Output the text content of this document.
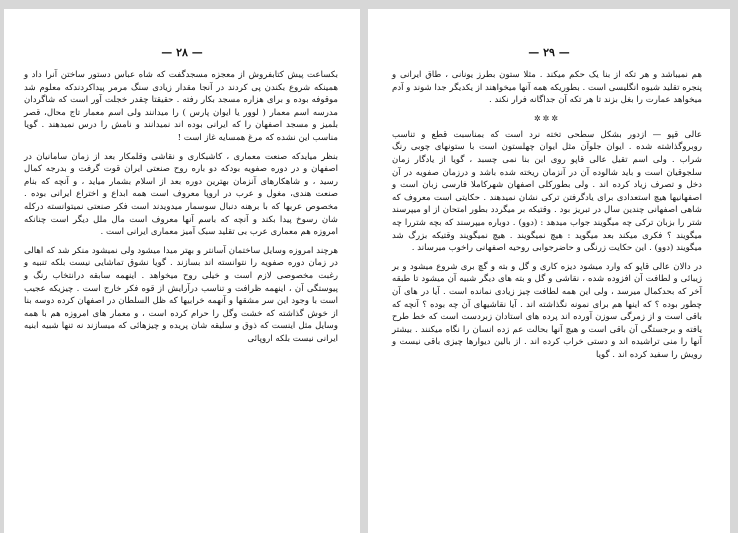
— ۲۸ —

بکساعت پیش کتابفروش از معجزه مسجدگفت که شاه عباس دستور ساختن آنرا داد و همینکه شروع بکندن پی کردند در آنجا مقدار زیادی سنگ مرمر پیداکردندکه معلوم شد موقوفه بوده و برای هزاره مسجد بکار رفته . حقیقتا چقدر خجلت آور است که شاگردان مدرسه اسم معمار ( لوور یا ایوان پارس ) را میدانند ولی اسم معمار تاج محال، قصر بلمیز و مسجد اصفهان را که ایرانی بوده اند نمیدانند و نامش را درس نمیدهند . گویا مناسب این نشده که مرغ همسایه غاز است !

بنظر میایدکه صنعت معماری ، کاشیکاری و نقاشی وقلمکار بعد از زمان سامانیان در اصفهان و در دوره صفویه بودکه دو باره روح صنعتی ایران قوت گرفت و بدرجه کمال رسید ، و شاهکارهای آنزمان بهترین دوره بعد از اسلام بشمار میاید ، و آنچه که بنام صنعت هندی، مغول و عرب در اروپا معروف است همه ابداع و اختراع ایرانی بوده . مخصوص عربها که با برهنه دنبال سوسمار میدویدند است فکر صنعتی نمیتوانسته درکله شان رسوخ پیدا بکند و آنچه که باسم آنها معروف است مال ملل دیگر است چنانکه امروزه هم معماری عرب بی تقلید سبک آمیز معماری ایرانی است .

هرچند امروزه وسایل ساختمان آسانتر و بهتر میدا میشود ولی نمیشود منکر شد که اهالی در زمان دوره صفویه را نتوانسته اند بسازند . گویا نشوق تماشایی نیست بلکه تنبیه و رغبت مخصوصی لازم است و خیلی روح میخواهد . اینهمه سابقه درانتخاب رنگ و پیوستگی آن ، اینهمه ظرافت و تناسب درآرایش از قوه فکر خارج است . چیزیکه عجیب است با وجود این سر مشقها و آنهمه خرابیها که ظل السلطان در اصفهان کرده دوسه بنا از خوش گذاشته که خشت وگل را حرام کرده است ، و معمار های امروزه هم با همه وسایل مثل اینست که ذوق و سلیقه شان پریده و چیزهائی که میسازند نه تنها شبیه ابنیه ایرانی نیست بلکه اروپائی

— ۲۹ —

هم نمیباشد و هر تکه از بنا یک حکم میکند . مثلا ستون بطرز یونانی ، طاق ایرانی و پنجره تقلید شیوه انگلیسی است . بطوریکه همه آنها میخواهند از یکدیگر جدا شوند و آدم میخواهد عمارت را بغل بزند تا هر تکه آن جداگانه فرار نکند .

✲✲✲

عالی قپو — ازدور بشکل سطحی تخته نرد است که بمناسبت قطع و تناسب روبروگذاشته شده . ایوان جلوآن مثل ایوان چهلستون است با ستونهای چوبی رنگ شراب . ولی اسم تقیل عالی قاپو روی این بنا نمی چسبد ، گویا از یادگار زمان سلجوقیان است و باید شالوده آن در آنزمان ریخته شده باشد و درزمان صفویه در آن دخل و تصرف زیاد کرده اند . ولی بطورکلی اصفهان شهرکاملا فارسی زبان است و اصفهانیها هیچ استعدادی برای یادگرفتن ترکی نشان نمیدهند . حکایتی است معروف که شاهی اصفهانی چندین سال در تبریز بود . وقتیکه بر میگردد بطور امتحان از او میپرسند شتر را بزبان ترکی چه میگویند جواب میدهد : (دوو) . دوباره میپرسند که بچه شتررا چه میگویند ؟ فکری میکند بعد میگوید : هیچ نمیگویند . هیچ نمیگویند وقتیکه بزرگ شد میگویند (دوو) . این حکایت زرنگی و حاضرجوابی روحیه اصفهانی راخوب میرساند .

در دالان عالی قاپو که وارد میشود دیزه کاری و گل و بته و گچ بری شروع میشود و بر زیبائی و لطافت آن افزوده شده ، نقاشی و گل و بته های دیگر شبیه آن میشود تا طبقه آخر که بحدکمال میرسد ، ولی این همه لطافت چیز زیادی نمانده است . آیا در های آن چطور بوده ؟ که اینها هم برای نمونه نگذاشته اند . آیا نقاشیهای آن چه بوده ؟ آنچه که باقی است و از زمرگی سوزن آورده اند پرده های استادان زبردست است که خط طرح یافته و برجستگی آن باقی است و هیچ آنها بحالت عم زده انسان را نگاه میکنند . بیشتر آنها را منی تراشیده اند و دستی خراب کرده اند . از بالین دیوارها چیزی باقی نیست و رویش را سفید کرده اند . گویا
